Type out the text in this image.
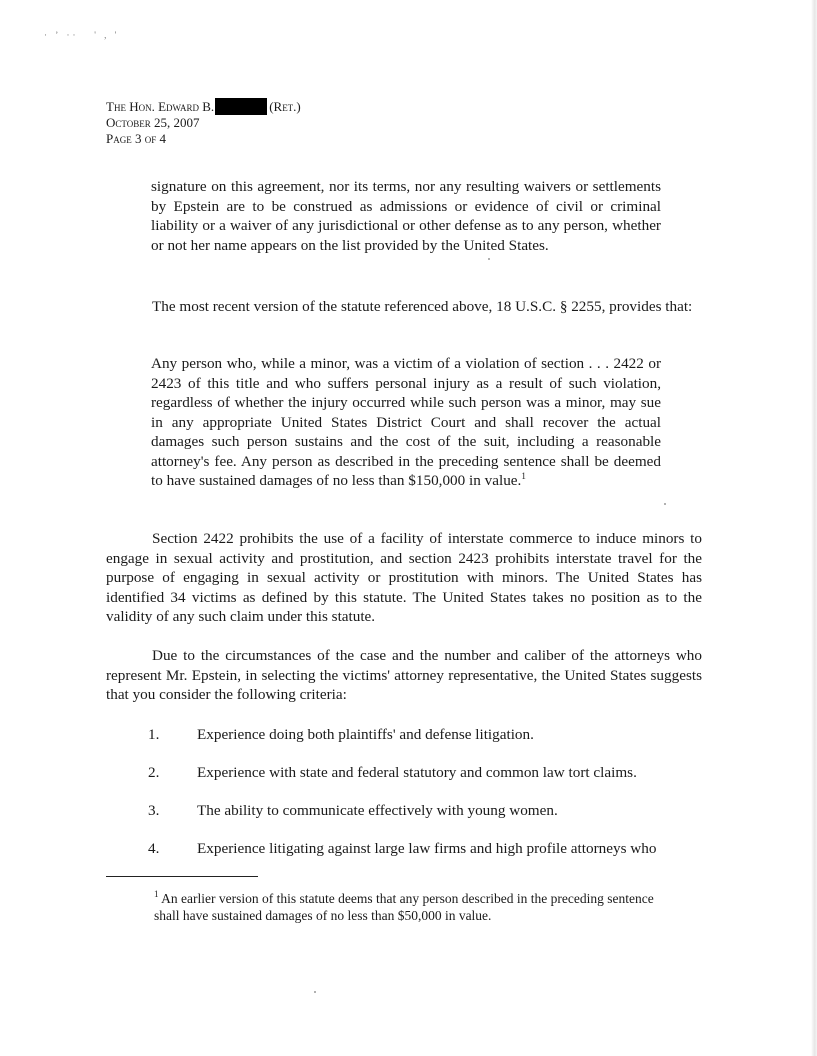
· ʼ ··   ' , '
The Hon. Edward B.	(Ret.)
October 25, 2007
Page 3 of 4
signature on this agreement, nor its terms, nor any resulting waivers or settlements by Epstein are to be construed as admissions or evidence of civil or criminal liability or a waiver of any jurisdictional or other defense as to any person, whether or not her name appears on the list provided by the United States.
The most recent version of the statute referenced above, 18 U.S.C. § 2255, provides that:
Any person who, while a minor, was a victim of a violation of section . . . 2422 or 2423 of this title and who suffers personal injury as a result of such violation, regardless of whether the injury occurred while such person was a minor, may sue in any appropriate United States District Court and shall recover the actual damages such person sustains and the cost of the suit, including a reasonable attorney's fee. Any person as described in the preceding sentence shall be deemed to have sustained damages of no less than $150,000 in value.$^1$
Section 2422 prohibits the use of a facility of interstate commerce to induce minors to engage in sexual activity and prostitution, and section 2423 prohibits interstate travel for the purpose of engaging in sexual activity or prostitution with minors. The United States has identified 34 victims as defined by this statute. The United States takes no position as to the validity of any such claim under this statute.
Due to the circumstances of the case and the number and caliber of the attorneys who represent Mr. Epstein, in selecting the victims' attorney representative, the United States suggests that you consider the following criteria:
1. Experience doing both plaintiffs' and defense litigation.
2. Experience with state and federal statutory and common law tort claims.
3. The ability to communicate effectively with young women.
4. Experience litigating against large law firms and high profile attorneys who
$^1$ An earlier version of this statute deems that any person described in the preceding sentence shall have sustained damages of no less than $50,000 in value.
